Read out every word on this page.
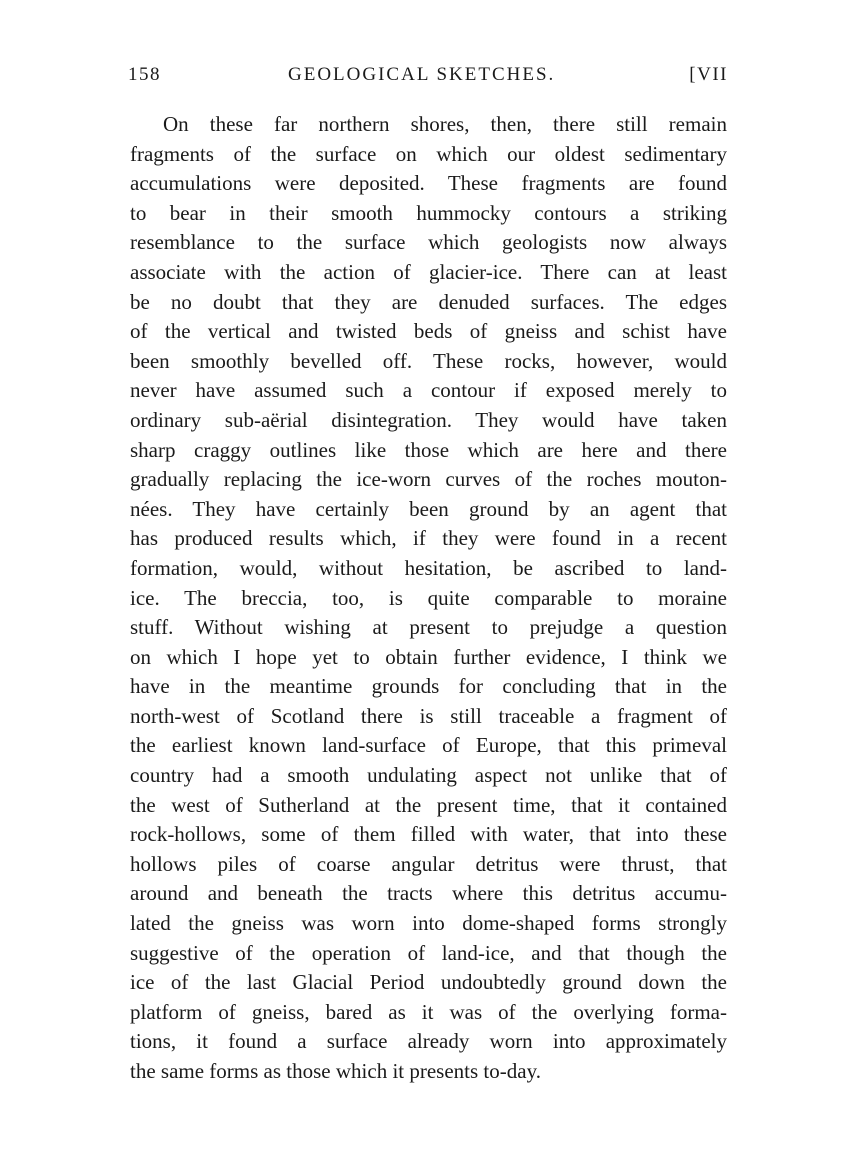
158	GEOLOGICAL SKETCHES.	[VII
On these far northern shores, then, there still remain
fragments of the surface on which our oldest sedimentary
accumulations were deposited. These fragments are found
to bear in their smooth hummocky contours a striking
resemblance to the surface which geologists now always
associate with the action of glacier-ice. There can at least
be no doubt that they are denuded surfaces. The edges
of the vertical and twisted beds of gneiss and schist have
been smoothly bevelled off. These rocks, however, would
never have assumed such a contour if exposed merely to
ordinary sub-aërial disintegration. They would have taken
sharp craggy outlines like those which are here and there
gradually replacing the ice-worn curves of the roches mouton-
nées. They have certainly been ground by an agent that
has produced results which, if they were found in a recent
formation, would, without hesitation, be ascribed to land-
ice. The breccia, too, is quite comparable to moraine
stuff. Without wishing at present to prejudge a question
on which I hope yet to obtain further evidence, I think we
have in the meantime grounds for concluding that in the
north-west of Scotland there is still traceable a fragment of
the earliest known land-surface of Europe, that this primeval
country had a smooth undulating aspect not unlike that of
the west of Sutherland at the present time, that it contained
rock-hollows, some of them filled with water, that into these
hollows piles of coarse angular detritus were thrust, that
around and beneath the tracts where this detritus accumu-
lated the gneiss was worn into dome-shaped forms strongly
suggestive of the operation of land-ice, and that though the
ice of the last Glacial Period undoubtedly ground down the
platform of gneiss, bared as it was of the overlying forma-
tions, it found a surface already worn into approximately
the same forms as those which it presents to-day.
